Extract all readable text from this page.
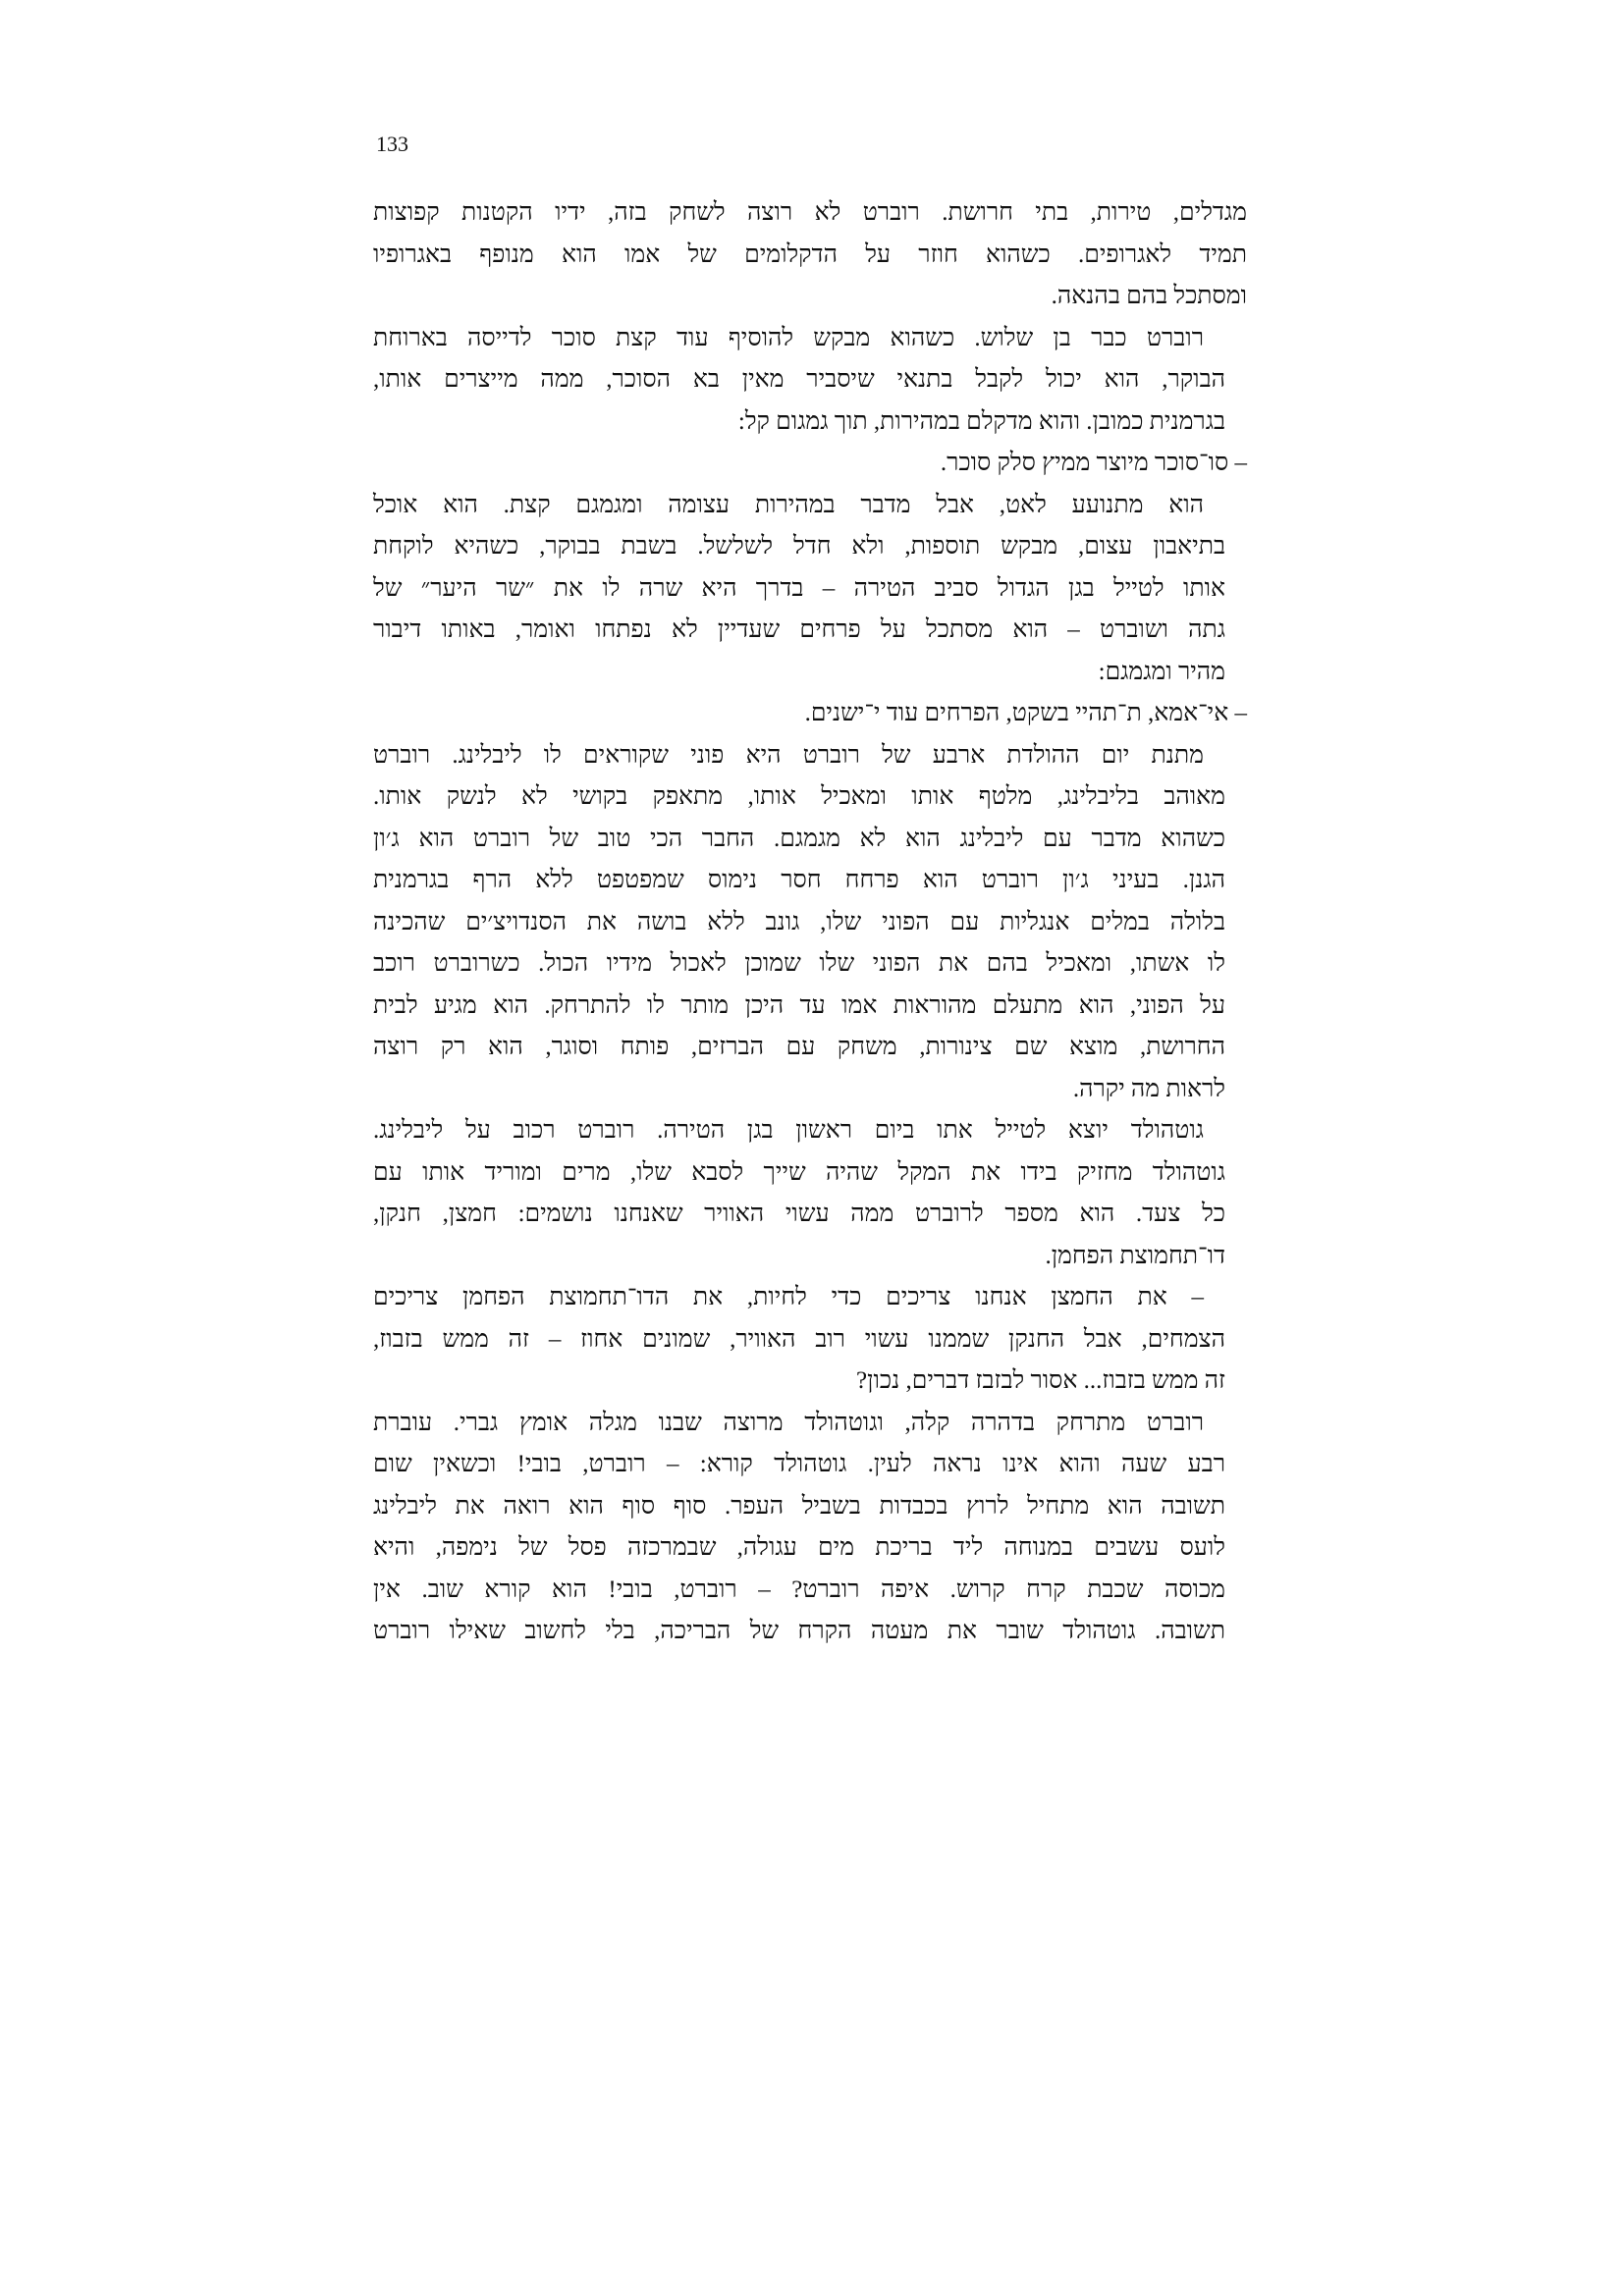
133

מגדלים, טירות, בתי חרושת. רוברט לא רוצה לשחק בזה, ידיו הקטנות קפוצות
תמיד לאגרופים. כשהוא חוזר על הדקלומים של אמו הוא מנופף באגרופיו
ומסתכל בהם בהנאה.

רוברט כבר בן שלוש. כשהוא מבקש להוסיף עוד קצת סוכר לדייסה בארוחת
הבוקר, הוא יכול לקבל בתנאי שיסביר מאין בא הסוכר, ממה מייצרים אותו,
בגרמנית כמובן. והוא מדקלם במהירות, תוך גמגום קל:

– סו־סוכר מיוצר ממיץ סלק סוכר.

הוא מתנועע לאט, אבל מדבר במהירות עצומה ומגמגם קצת. הוא אוכל
בתיאבון עצום, מבקש תוספות, ולא חדל לשלשל. בשבת בבוקר, כשהיא לוקחת
אותו לטייל בגן הגדול סביב הטירה – בדרך היא שרה לו את ״שר היער״ של
גתה ושוברט – הוא מסתכל על פרחים שעדיין לא נפתחו ואומר, באותו דיבור
מהיר ומגמגם:

– אי־אמא, ת־תהיי בשקט, הפרחים עוד י־ישנים.

מתנת יום ההולדת ארבע של רוברט היא פוני שקוראים לו ליבלינג. רוברט
מאוהב בליבלינג, מלטף אותו ומאכיל אותו, מתאפק בקושי לא לנשק אותו.
כשהוא מדבר עם ליבלינג הוא לא מגמגם. החבר הכי טוב של רוברט הוא ג׳ון
הגנן. בעיני ג׳ון רוברט הוא פרחח חסר נימוס שמפטפט ללא הרף בגרמנית
בלולה במלים אנגליות עם הפוני שלו, גונב ללא בושה את הסנדויצ׳ים שהכינה
לו אשתו, ומאכיל בהם את הפוני שלו שמוכן לאכול מידיו הכול. כשרוברט רוכב
על הפוני, הוא מתעלם מהוראות אמו עד היכן מותר לו להתרחק. הוא מגיע לבית
החרושת, מוצא שם צינורות, משחק עם הברזים, פותח וסוגר, הוא רק רוצה
לראות מה יקרה.

גוטהולד יוצא לטייל אתו ביום ראשון בגן הטירה. רוברט רכוב על ליבלינג.
גוטהולד מחזיק בידו את המקל שהיה שייך לסבא שלו, מרים ומוריד אותו עם
כל צעד. הוא מספר לרוברט ממה עשוי האוויר שאנחנו נושמים: חמצן, חנקן,
דו־תחמוצת הפחמן.

– את החמצן אנחנו צריכים כדי לחיות, את הדו־תחמוצת הפחמן צריכים
הצמחים, אבל החנקן שממנו עשוי רוב האוויר, שמונים אחוז – זה ממש בזבוז,
זה ממש בזבוז... אסור לבזבז דברים, נכון?

רוברט מתרחק בדהרה קלה, וגוטהולד מרוצה שבנו מגלה אומץ גברי. עוברת
רבע שעה והוא אינו נראה לעין. גוטהולד קורא: – רוברט, בובי! וכשאין שום
תשובה הוא מתחיל לרוץ בכבדות בשביל העפר. סוף סוף הוא רואה את ליבלינג
לועס עשבים במנוחה ליד בריכת מים עגולה, שבמרכזה פסל של נימפה, והיא
מכוסה שכבת קרח קרוש. איפה רוברט? – רוברט, בובי! הוא קורא שוב. אין
תשובה. גוטהולד שובר את מעטה הקרח של הבריכה, בלי לחשוב שאילו רוברט
